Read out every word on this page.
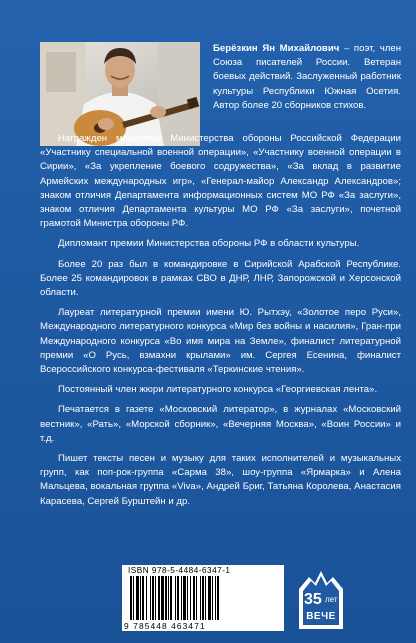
Берёзкин Ян Михайлович – поэт, член Союза писателей России. Ветеран боевых действий. Заслуженный работник культуры Республики Южная Осетия. Автор более 20 сборников стихов.

Награжден медалями Министерства обороны Российской Федерации «Участнику специальной военной операции», «Участнику военной операции в Сирии», «За укрепление боевого содружества», «За вклад в развитие Армейских международных игр», «Генерал-майор Александр Александров»; знаком отличия Департамента информационных систем МО РФ «За заслуги», знаком отличия Департамента культуры МО РФ «За заслуги», почетной грамотой Министра обороны РФ.

Дипломант премии Министерства обороны РФ в области культуры.

Более 20 раз был в командировке в Сирийской Арабской Республике. Более 25 командировок в рамках СВО в ДНР, ЛНР, Запорожской и Херсонской области.

Лауреат литературной премии имени Ю. Рытхэу, «Золотое перо Руси», Международного литературного конкурса «Мир без войны и насилия», Гран-при Международного конкурса «Во имя мира на Земле», финалист литературной премии «О Русь, взмахни крылами» им. Сергея Есенина, финалист Всероссийского конкурса-фестиваля «Теркинские чтения».

Постоянный член жюри литературного конкурса «Георгиевская лента».

Печатается в газете «Московский литератор», в журналах «Московский вестник», «Рать», «Морской сборник», «Вечерняя Москва», «Воин России» и т.д.

Пишет тексты песен и музыку для таких исполнителей и музыкальных групп, как поп-рок-группа «Сарма 38», шоу-группа «Ярмарка» и Алена Мальцева, вокальная группа «Viva», Андрей Бриг, Татьяна Королева, Анастасия Карасева, Сергей Бурштейн и др.

ISBN 978-5-4484-6347-1
9 785448 463471
35 лет
ВЕЧЕ
